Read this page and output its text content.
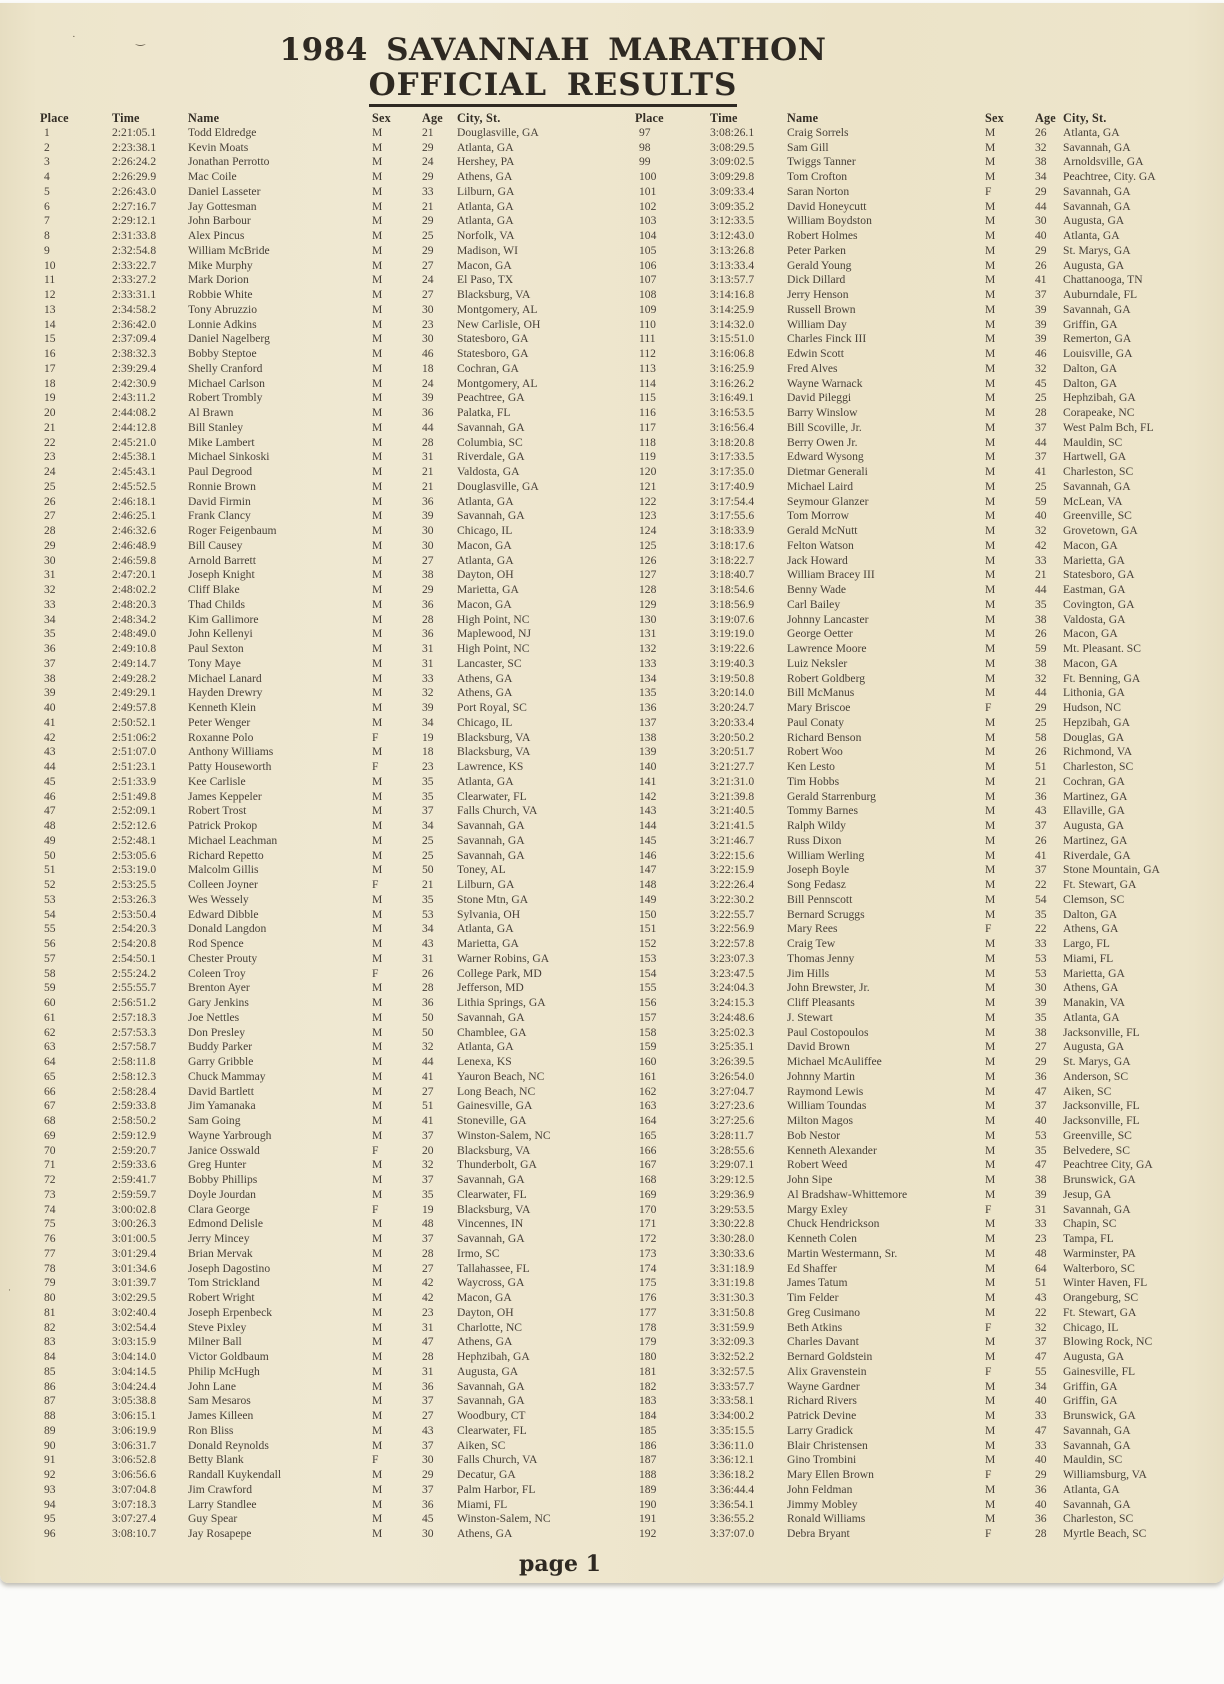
·	‿
·
1984 SAVANNAH MARATHON
OFFICIAL RESULTS
Place	Time	Name	Sex	Age	City, St.
1	2:21:05.1	Todd Eldredge	M	21	Douglasville, GA
2	2:23:38.1	Kevin Moats	M	29	Atlanta, GA
3	2:26:24.2	Jonathan Perrotto	M	24	Hershey, PA
4	2:26:29.9	Mac Coile	M	29	Athens, GA
5	2:26:43.0	Daniel Lasseter	M	33	Lilburn, GA
6	2:27:16.7	Jay Gottesman	M	21	Atlanta, GA
7	2:29:12.1	John Barbour	M	29	Atlanta, GA
8	2:31:33.8	Alex Pincus	M	25	Norfolk, VA
9	2:32:54.8	William McBride	M	29	Madison, WI
10	2:33:22.7	Mike Murphy	M	27	Macon, GA
11	2:33:27.2	Mark Dorion	M	24	El Paso, TX
12	2:33:31.1	Robbie White	M	27	Blacksburg, VA
13	2:34:58.2	Tony Abruzzio	M	30	Montgomery, AL
14	2:36:42.0	Lonnie Adkins	M	23	New Carlisle, OH
15	2:37:09.4	Daniel Nagelberg	M	30	Statesboro, GA
16	2:38:32.3	Bobby Steptoe	M	46	Statesboro, GA
17	2:39:29.4	Shelly Cranford	M	18	Cochran, GA
18	2:42:30.9	Michael Carlson	M	24	Montgomery, AL
19	2:43:11.2	Robert Trombly	M	39	Peachtree, GA
20	2:44:08.2	Al Brawn	M	36	Palatka, FL
21	2:44:12.8	Bill Stanley	M	44	Savannah, GA
22	2:45:21.0	Mike Lambert	M	28	Columbia, SC
23	2:45:38.1	Michael Sinkoski	M	31	Riverdale, GA
24	2:45:43.1	Paul Degrood	M	21	Valdosta, GA
25	2:45:52.5	Ronnie Brown	M	21	Douglasville, GA
26	2:46:18.1	David Firmin	M	36	Atlanta, GA
27	2:46:25.1	Frank Clancy	M	39	Savannah, GA
28	2:46:32.6	Roger Feigenbaum	M	30	Chicago, IL
29	2:46:48.9	Bill Causey	M	30	Macon, GA
30	2:46:59.8	Arnold Barrett	M	27	Atlanta, GA
31	2:47:20.1	Joseph Knight	M	38	Dayton, OH
32	2:48:02.2	Cliff Blake	M	29	Marietta, GA
33	2:48:20.3	Thad Childs	M	36	Macon, GA
34	2:48:34.2	Kim Gallimore	M	28	High Point, NC
35	2:48:49.0	John Kellenyi	M	36	Maplewood, NJ
36	2:49:10.8	Paul Sexton	M	31	High Point, NC
37	2:49:14.7	Tony Maye	M	31	Lancaster, SC
38	2:49:28.2	Michael Lanard	M	33	Athens, GA
39	2:49:29.1	Hayden Drewry	M	32	Athens, GA
40	2:49:57.8	Kenneth Klein	M	39	Port Royal, SC
41	2:50:52.1	Peter Wenger	M	34	Chicago, IL
42	2:51:06:2	Roxanne Polo	F	19	Blacksburg, VA
43	2:51:07.0	Anthony Williams	M	18	Blacksburg, VA
44	2:51:23.1	Patty Houseworth	F	23	Lawrence, KS
45	2:51:33.9	Kee Carlisle	M	35	Atlanta, GA
46	2:51:49.8	James Keppeler	M	35	Clearwater, FL
47	2:52:09.1	Robert Trost	M	37	Falls Church, VA
48	2:52:12.6	Patrick Prokop	M	34	Savannah, GA
49	2:52:48.1	Michael Leachman	M	25	Savannah, GA
50	2:53:05.6	Richard Repetto	M	25	Savannah, GA
51	2:53:19.0	Malcolm Gillis	M	50	Toney, AL
52	2:53:25.5	Colleen Joyner	F	21	Lilburn, GA
53	2:53:26.3	Wes Wessely	M	35	Stone Mtn, GA
54	2:53:50.4	Edward Dibble	M	53	Sylvania, OH
55	2:54:20.3	Donald Langdon	M	34	Atlanta, GA
56	2:54:20.8	Rod Spence	M	43	Marietta, GA
57	2:54:50.1	Chester Prouty	M	31	Warner Robins, GA
58	2:55:24.2	Coleen Troy	F	26	College Park, MD
59	2:55:55.7	Brenton Ayer	M	28	Jefferson, MD
60	2:56:51.2	Gary Jenkins	M	36	Lithia Springs, GA
61	2:57:18.3	Joe Nettles	M	50	Savannah, GA
62	2:57:53.3	Don Presley	M	50	Chamblee, GA
63	2:57:58.7	Buddy Parker	M	32	Atlanta, GA
64	2:58:11.8	Garry Gribble	M	44	Lenexa, KS
65	2:58:12.3	Chuck Mammay	M	41	Yauron Beach, NC
66	2:58:28.4	David Bartlett	M	27	Long Beach, NC
67	2:59:33.8	Jim Yamanaka	M	51	Gainesville, GA
68	2:58:50.2	Sam Going	M	41	Stoneville, GA
69	2:59:12.9	Wayne Yarbrough	M	37	Winston-Salem, NC
70	2:59:20.7	Janice Osswald	F	20	Blacksburg, VA
71	2:59:33.6	Greg Hunter	M	32	Thunderbolt, GA
72	2:59:41.7	Bobby Phillips	M	37	Savannah, GA
73	2:59:59.7	Doyle Jourdan	M	35	Clearwater, FL
74	3:00:02.8	Clara George	F	19	Blacksburg, VA
75	3:00:26.3	Edmond Delisle	M	48	Vincennes, IN
76	3:01:00.5	Jerry Mincey	M	37	Savannah, GA
77	3:01:29.4	Brian Mervak	M	28	Irmo, SC
78	3:01:34.6	Joseph Dagostino	M	27	Tallahassee, FL
79	3:01:39.7	Tom Strickland	M	42	Waycross, GA
80	3:02:29.5	Robert Wright	M	42	Macon, GA
81	3:02:40.4	Joseph Erpenbeck	M	23	Dayton, OH
82	3:02:54.4	Steve Pixley	M	31	Charlotte, NC
83	3:03:15.9	Milner Ball	M	47	Athens, GA
84	3:04:14.0	Victor Goldbaum	M	28	Hephzibah, GA
85	3:04:14.5	Philip McHugh	M	31	Augusta, GA
86	3:04:24.4	John Lane	M	36	Savannah, GA
87	3:05:38.8	Sam Mesaros	M	37	Savannah, GA
88	3:06:15.1	James Killeen	M	27	Woodbury, CT
89	3:06:19.9	Ron Bliss	M	43	Clearwater, FL
90	3:06:31.7	Donald Reynolds	M	37	Aiken, SC
91	3:06:52.8	Betty Blank	F	30	Falls Church, VA
92	3:06:56.6	Randall Kuykendall	M	29	Decatur, GA
93	3:07:04.8	Jim Crawford	M	37	Palm Harbor, FL
94	3:07:18.3	Larry Standlee	M	36	Miami, FL
95	3:07:27.4	Guy Spear	M	45	Winston-Salem, NC
96	3:08:10.7	Jay Rosapepe	M	30	Athens, GA
Place	Time	Name	Sex	Age	City, St.
97	3:08:26.1	Craig Sorrels	M	26	Atlanta, GA
98	3:08:29.5	Sam Gill	M	32	Savannah, GA
99	3:09:02.5	Twiggs Tanner	M	38	Arnoldsville, GA
100	3:09:29.8	Tom Crofton	M	34	Peachtree, City. GA
101	3:09:33.4	Saran Norton	F	29	Savannah, GA
102	3:09:35.2	David Honeycutt	M	44	Savannah, GA
103	3:12:33.5	William Boydston	M	30	Augusta, GA
104	3:12:43.0	Robert Holmes	M	40	Atlanta, GA
105	3:13:26.8	Peter Parken	M	29	St. Marys, GA
106	3:13:33.4	Gerald Young	M	26	Augusta, GA
107	3:13:57.7	Dick Dillard	M	41	Chattanooga, TN
108	3:14:16.8	Jerry Henson	M	37	Auburndale, FL
109	3:14:25.9	Russell Brown	M	39	Savannah, GA
110	3:14:32.0	William Day	M	39	Griffin, GA
111	3:15:51.0	Charles Finck III	M	39	Remerton, GA
112	3:16:06.8	Edwin Scott	M	46	Louisville, GA
113	3:16:25.9	Fred Alves	M	32	Dalton, GA
114	3:16:26.2	Wayne Warnack	M	45	Dalton, GA
115	3:16:49.1	David Pileggi	M	25	Hephzibah, GA
116	3:16:53.5	Barry Winslow	M	28	Corapeake, NC
117	3:16:56.4	Bill Scoville, Jr.	M	37	West Palm Bch, FL
118	3:18:20.8	Berry Owen Jr.	M	44	Mauldin, SC
119	3:17:33.5	Edward Wysong	M	37	Hartwell, GA
120	3:17:35.0	Dietmar Generali	M	41	Charleston, SC
121	3:17:40.9	Michael Laird	M	25	Savannah, GA
122	3:17:54.4	Seymour Glanzer	M	59	McLean, VA
123	3:17:55.6	Tom Morrow	M	40	Greenville, SC
124	3:18:33.9	Gerald McNutt	M	32	Grovetown, GA
125	3:18:17.6	Felton Watson	M	42	Macon, GA
126	3:18:22.7	Jack Howard	M	33	Marietta, GA
127	3:18:40.7	William Bracey III	M	21	Statesboro, GA
128	3:18:54.6	Benny Wade	M	44	Eastman, GA
129	3:18:56.9	Carl Bailey	M	35	Covington, GA
130	3:19:07.6	Johnny Lancaster	M	38	Valdosta, GA
131	3:19:19.0	George Oetter	M	26	Macon, GA
132	3:19:22.6	Lawrence Moore	M	59	Mt. Pleasant. SC
133	3:19:40.3	Luiz Neksler	M	38	Macon, GA
134	3:19:50.8	Robert Goldberg	M	32	Ft. Benning, GA
135	3:20:14.0	Bill McManus	M	44	Lithonia, GA
136	3:20:24.7	Mary Briscoe	F	29	Hudson, NC
137	3:20:33.4	Paul Conaty	M	25	Hepzibah, GA
138	3:20:50.2	Richard Benson	M	58	Douglas, GA
139	3:20:51.7	Robert Woo	M	26	Richmond, VA
140	3:21:27.7	Ken Lesto	M	51	Charleston, SC
141	3:21:31.0	Tim Hobbs	M	21	Cochran, GA
142	3:21:39.8	Gerald Starrenburg	M	36	Martinez, GA
143	3:21:40.5	Tommy Barnes	M	43	Ellaville, GA
144	3:21:41.5	Ralph Wildy	M	37	Augusta, GA
145	3:21:46.7	Russ Dixon	M	26	Martinez, GA
146	3:22:15.6	William Werling	M	41	Riverdale, GA
147	3:22:15.9	Joseph Boyle	M	37	Stone Mountain, GA
148	3:22:26.4	Song Fedasz	M	22	Ft. Stewart, GA
149	3:22:30.2	Bill Pennscott	M	54	Clemson, SC
150	3:22:55.7	Bernard Scruggs	M	35	Dalton, GA
151	3:22:56.9	Mary Rees	F	22	Athens, GA
152	3:22:57.8	Craig Tew	M	33	Largo, FL
153	3:23:07.3	Thomas Jenny	M	53	Miami, FL
154	3:23:47.5	Jim Hills	M	53	Marietta, GA
155	3:24:04.3	John Brewster, Jr.	M	30	Athens, GA
156	3:24:15.3	Cliff Pleasants	M	39	Manakin, VA
157	3:24:48.6	J. Stewart	M	35	Atlanta, GA
158	3:25:02.3	Paul Costopoulos	M	38	Jacksonville, FL
159	3:25:35.1	David Brown	M	27	Augusta, GA
160	3:26:39.5	Michael McAuliffee	M	29	St. Marys, GA
161	3:26:54.0	Johnny Martin	M	36	Anderson, SC
162	3:27:04.7	Raymond Lewis	M	47	Aiken, SC
163	3:27:23.6	William Toundas	M	37	Jacksonville, FL
164	3:27:25.6	Milton Magos	M	40	Jacksonville, FL
165	3:28:11.7	Bob Nestor	M	53	Greenville, SC
166	3:28:55.6	Kenneth Alexander	M	35	Belvedere, SC
167	3:29:07.1	Robert Weed	M	47	Peachtree City, GA
168	3:29:12.5	John Sipe	M	38	Brunswick, GA
169	3:29:36.9	Al Bradshaw-Whittemore	M	39	Jesup, GA
170	3:29:53.5	Margy Exley	F	31	Savannah, GA
171	3:30:22.8	Chuck Hendrickson	M	33	Chapin, SC
172	3:30:28.0	Kenneth Colen	M	23	Tampa, FL
173	3:30:33.6	Martin Westermann, Sr.	M	48	Warminster, PA
174	3:31:18.9	Ed Shaffer	M	64	Walterboro, SC
175	3:31:19.8	James Tatum	M	51	Winter Haven, FL
176	3:31:30.3	Tim Felder	M	43	Orangeburg, SC
177	3:31:50.8	Greg Cusimano	M	22	Ft. Stewart, GA
178	3:31:59.9	Beth Atkins	F	32	Chicago, IL
179	3:32:09.3	Charles Davant	M	37	Blowing Rock, NC
180	3:32:52.2	Bernard Goldstein	M	47	Augusta, GA
181	3:32:57.5	Alix Gravenstein	F	55	Gainesville, FL
182	3:33:57.7	Wayne Gardner	M	34	Griffin, GA
183	3:33:58.1	Richard Rivers	M	40	Griffin, GA
184	3:34:00.2	Patrick Devine	M	33	Brunswick, GA
185	3:35:15.5	Larry Gradick	M	47	Savannah, GA
186	3:36:11.0	Blair Christensen	M	33	Savannah, GA
187	3:36:12.1	Gino Trombini	M	40	Mauldin, SC
188	3:36:18.2	Mary Ellen Brown	F	29	Williamsburg, VA
189	3:36:44.4	John Feldman	M	36	Atlanta, GA
190	3:36:54.1	Jimmy Mobley	M	40	Savannah, GA
191	3:36:55.2	Ronald Williams	M	36	Charleston, SC
192	3:37:07.0	Debra Bryant	F	28	Myrtle Beach, SC
page 1
